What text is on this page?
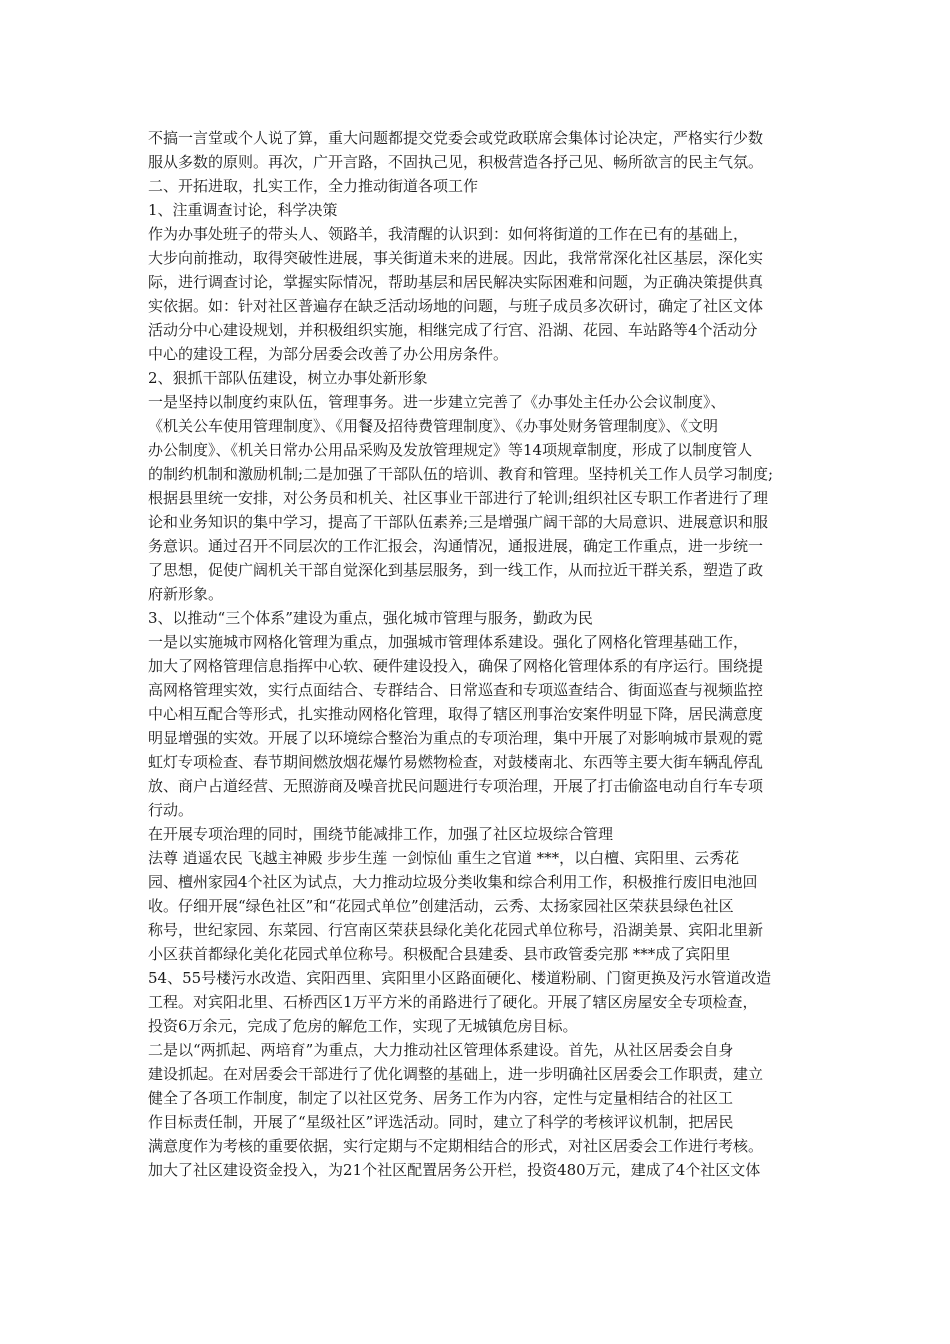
不搞一言堂或个人说了算，重大问题都提交党委会或党政联席会集体讨论决定，严格实行少数
服从多数的原则。再次，广开言路，不固执己见，积极营造各抒己见、畅所欲言的民主气氛。
二、开拓进取，扎实工作，全力推动街道各项工作
1、注重调查讨论，科学决策
作为办事处班子的带头人、领路羊，我清醒的认识到：如何将街道的工作在已有的基础上，
大步向前推动，取得突破性进展，事关街道未来的进展。因此，我常常深化社区基层，深化实
际，进行调查讨论，掌握实际情况，帮助基层和居民解决实际困难和问题，为正确决策提供真
实依据。如：针对社区普遍存在缺乏活动场地的问题，与班子成员多次研讨，确定了社区文体
活动分中心建设规划，并积极组织实施，相继完成了行宫、沿湖、花园、车站路等4个活动分
中心的建设工程，为部分居委会改善了办公用房条件。
2、狠抓干部队伍建设，树立办事处新形象
一是坚持以制度约束队伍，管理事务。进一步建立完善了《办事处主任办公会议制度》、
《机关公车使用管理制度》、《用餐及招待费管理制度》、《办事处财务管理制度》、《文明
办公制度》、《机关日常办公用品采购及发放管理规定》等14项规章制度，形成了以制度管人
的制约机制和激励机制;二是加强了干部队伍的培训、教育和管理。坚持机关工作人员学习制度;
根据县里统一安排，对公务员和机关、社区事业干部进行了轮训;组织社区专职工作者进行了理
论和业务知识的集中学习，提高了干部队伍素养;三是增强广阔干部的大局意识、进展意识和服
务意识。通过召开不同层次的工作汇报会，沟通情况，通报进展，确定工作重点，进一步统一
了思想，促使广阔机关干部自觉深化到基层服务，到一线工作，从而拉近干群关系，塑造了政
府新形象。
3、以推动“三个体系”建设为重点，强化城市管理与服务，勤政为民
一是以实施城市网格化管理为重点，加强城市管理体系建设。强化了网格化管理基础工作，
加大了网格管理信息指挥中心软、硬件建设投入，确保了网格化管理体系的有序运行。围绕提
高网格管理实效，实行点面结合、专群结合、日常巡查和专项巡查结合、街面巡查与视频监控
中心相互配合等形式，扎实推动网格化管理，取得了辖区刑事治安案件明显下降，居民满意度
明显增强的实效。开展了以环境综合整治为重点的专项治理，集中开展了对影响城市景观的霓
虹灯专项检查、春节期间燃放烟花爆竹易燃物检查，对鼓楼南北、东西等主要大街车辆乱停乱
放、商户占道经营、无照游商及噪音扰民问题进行专项治理，开展了打击偷盗电动自行车专项
行动。
在开展专项治理的同时，围绕节能减排工作，加强了社区垃圾综合管理
法尊 逍遥农民 飞越主神殿 步步生莲 一剑惊仙 重生之官道 ***，以白檀、宾阳里、云秀花
园、檀州家园4个社区为试点，大力推动垃圾分类收集和综合利用工作，积极推行废旧电池回
收。仔细开展“绿色社区”和“花园式单位”创建活动，云秀、太扬家园社区荣获县绿色社区
称号，世纪家园、东菜园、行宫南区荣获县绿化美化花园式单位称号，沿湖美景、宾阳北里新
小区获首都绿化美化花园式单位称号。积极配合县建委、县市政管委完那 ***成了宾阳里
54、55号楼污水改造、宾阳西里、宾阳里小区路面硬化、楼道粉刷、门窗更换及污水管道改造
工程。对宾阳北里、石桥西区1万平方米的甬路进行了硬化。开展了辖区房屋安全专项检查，
投资6万余元，完成了危房的解危工作，实现了无城镇危房目标。
二是以“两抓起、两培育”为重点，大力推动社区管理体系建设。首先，从社区居委会自身
建设抓起。在对居委会干部进行了优化调整的基础上，进一步明确社区居委会工作职责，建立
健全了各项工作制度，制定了以社区党务、居务工作为内容，定性与定量相结合的社区工
作目标责任制，开展了“星级社区”评选活动。同时，建立了科学的考核评议机制，把居民
满意度作为考核的重要依据，实行定期与不定期相结合的形式，对社区居委会工作进行考核。
加大了社区建设资金投入，为21个社区配置居务公开栏，投资480万元，建成了4个社区文体
